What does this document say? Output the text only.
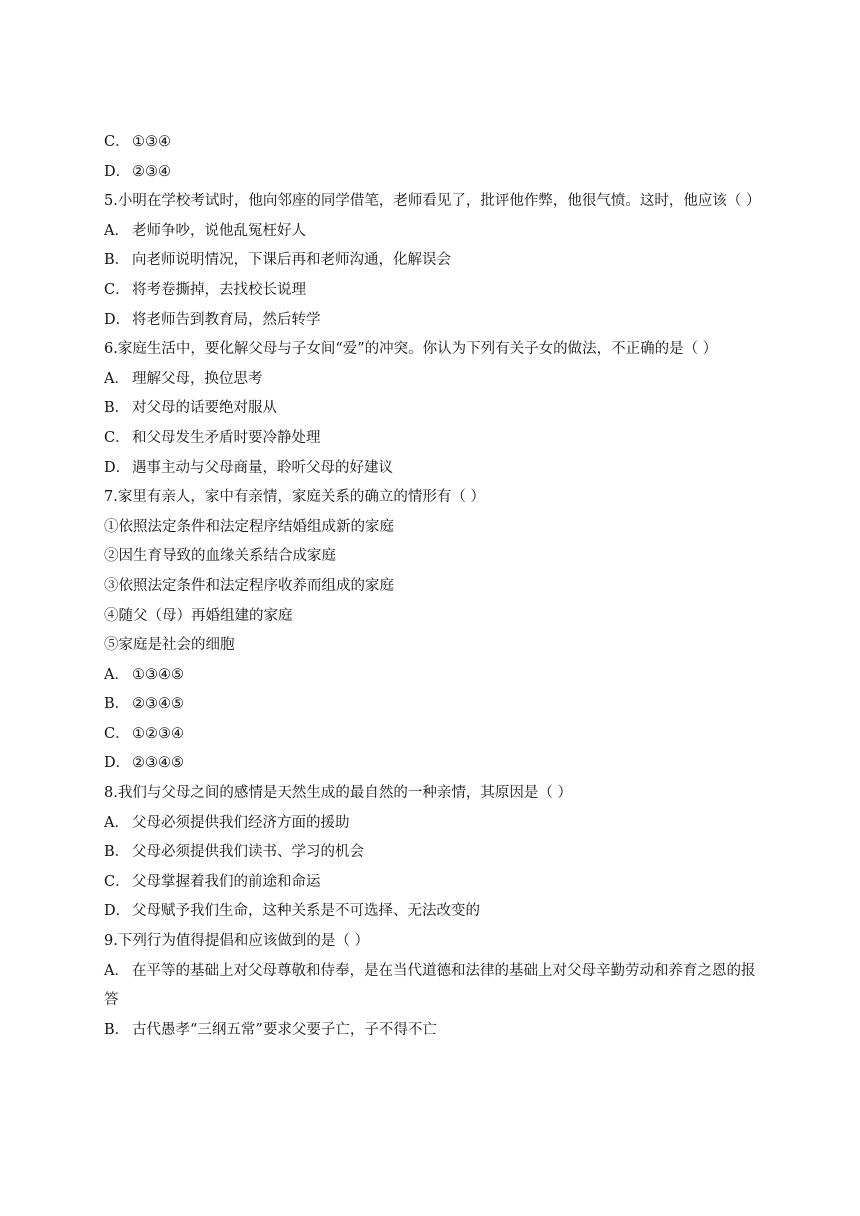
C． ①③④
D． ②③④
5.小明在学校考试时，他向邻座的同学借笔，老师看见了，批评他作弊，他很气愤。这时，他应该（ ）
A． 老师争吵，说他乱冤枉好人
B． 向老师说明情况，下课后再和老师沟通，化解误会
C． 将考卷撕掉，去找校长说理
D． 将老师告到教育局，然后转学
6.家庭生活中，要化解父母与子女间“爱”的冲突。你认为下列有关子女的做法，不正确的是（ ）
A． 理解父母，换位思考
B． 对父母的话要绝对服从
C． 和父母发生矛盾时要冷静处理
D． 遇事主动与父母商量，聆听父母的好建议
7.家里有亲人，家中有亲情，家庭关系的确立的情形有（ ）
①依照法定条件和法定程序结婚组成新的家庭
②因生育导致的血缘关系结合成家庭
③依照法定条件和法定程序收养而组成的家庭
④随父（母）再婚组建的家庭
⑤家庭是社会的细胞
A． ①③④⑤
B． ②③④⑤
C． ①②③④
D． ②③④⑤
8.我们与父母之间的感情是天然生成的最自然的一种亲情，其原因是（ ）
A． 父母必须提供我们经济方面的援助
B． 父母必须提供我们读书、学习的机会
C． 父母掌握着我们的前途和命运
D． 父母赋予我们生命，这种关系是不可选择、无法改变的
9.下列行为值得提倡和应该做到的是（ ）
A． 在平等的基础上对父母尊敬和侍奉，是在当代道德和法律的基础上对父母辛勤劳动和养育之恩的报答
B． 古代愚孝“三纲五常”要求父要子亡，子不得不亡
